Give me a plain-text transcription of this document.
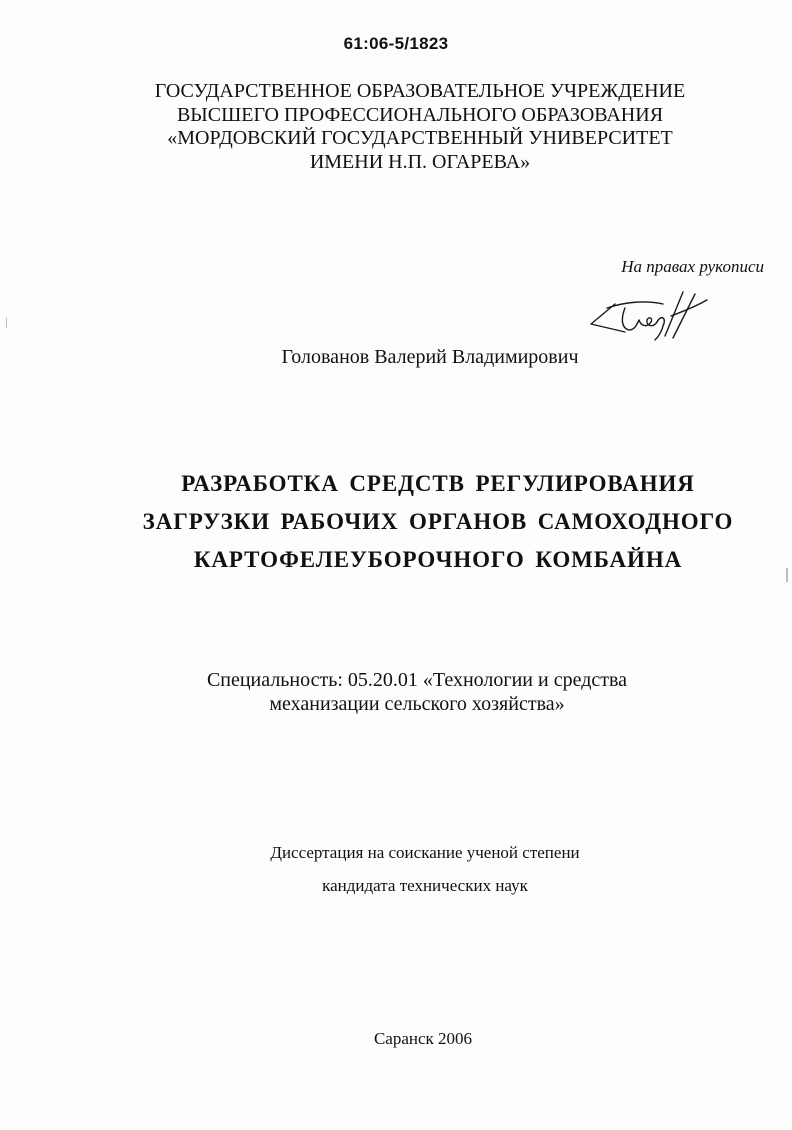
61:06-5/1823
ГОСУДАРСТВЕННОЕ ОБРАЗОВАТЕЛЬНОЕ УЧРЕЖДЕНИЕ
ВЫСШЕГО ПРОФЕССИОНАЛЬНОГО ОБРАЗОВАНИЯ
«МОРДОВСКИЙ ГОСУДАРСТВЕННЫЙ УНИВЕРСИТЕТ
ИМЕНИ Н.П. ОГАРЕВА»
На правах рукописи
Голованов Валерий Владимирович
РАЗРАБОТКА СРЕДСТВ РЕГУЛИРОВАНИЯ
ЗАГРУЗКИ РАБОЧИХ ОРГАНОВ САМОХОДНОГО
КАРТОФЕЛЕУБОРОЧНОГО КОМБАЙНА
Специальность: 05.20.01 «Технологии и средства
механизации сельского хозяйства»
Диссертация на соискание ученой степени
кандидата технических наук
Саранск 2006
